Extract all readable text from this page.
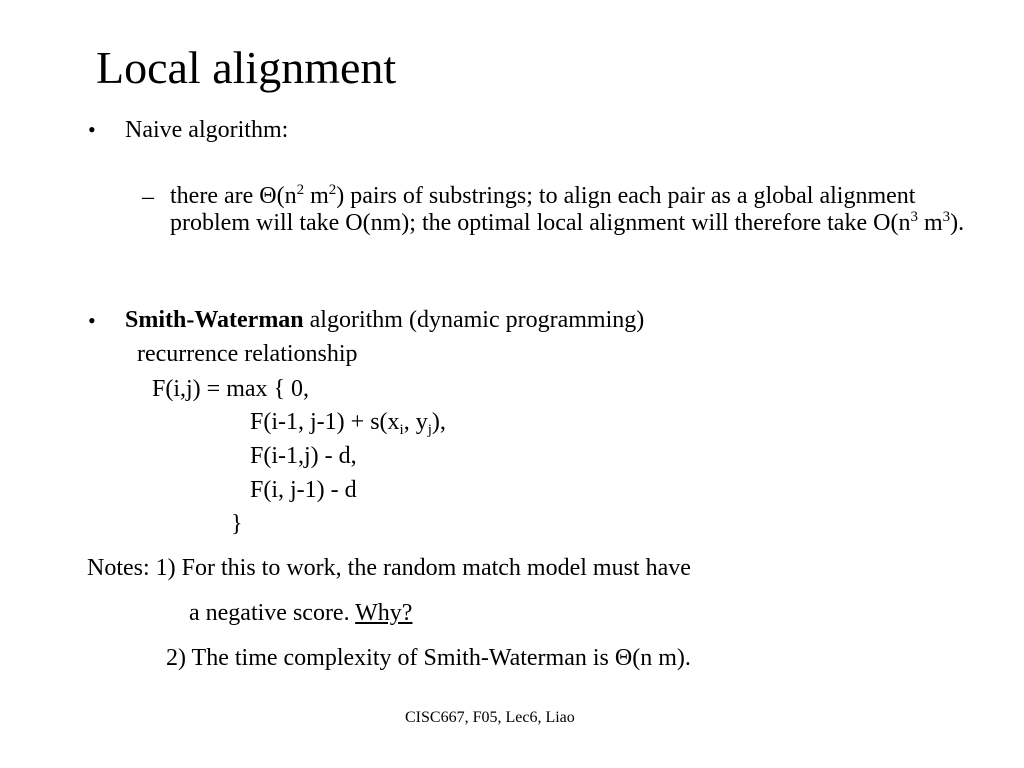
Local alignment
• Naive algorithm:
– there are $\Theta(n^2$ $m^2$) pairs of substrings; to align each pair as a global alignment problem will take O(nm); the optimal local alignment will therefore take $O(n^3$ $m^3$).
• Smith-Waterman algorithm (dynamic programming)
recurrence relationship
F(i,j) = max { 0,
F(i-1, $j-1) + s(x_i$, $y_j$),
F(i-1,j) - d,
F(i, j-1) - d
}
Notes: 1) For this to work, the random match model must have
a negative score. Why?
2) The time complexity of Smith-Waterman is Θ(n m).
CISC667, F05, Lec6, Liao
